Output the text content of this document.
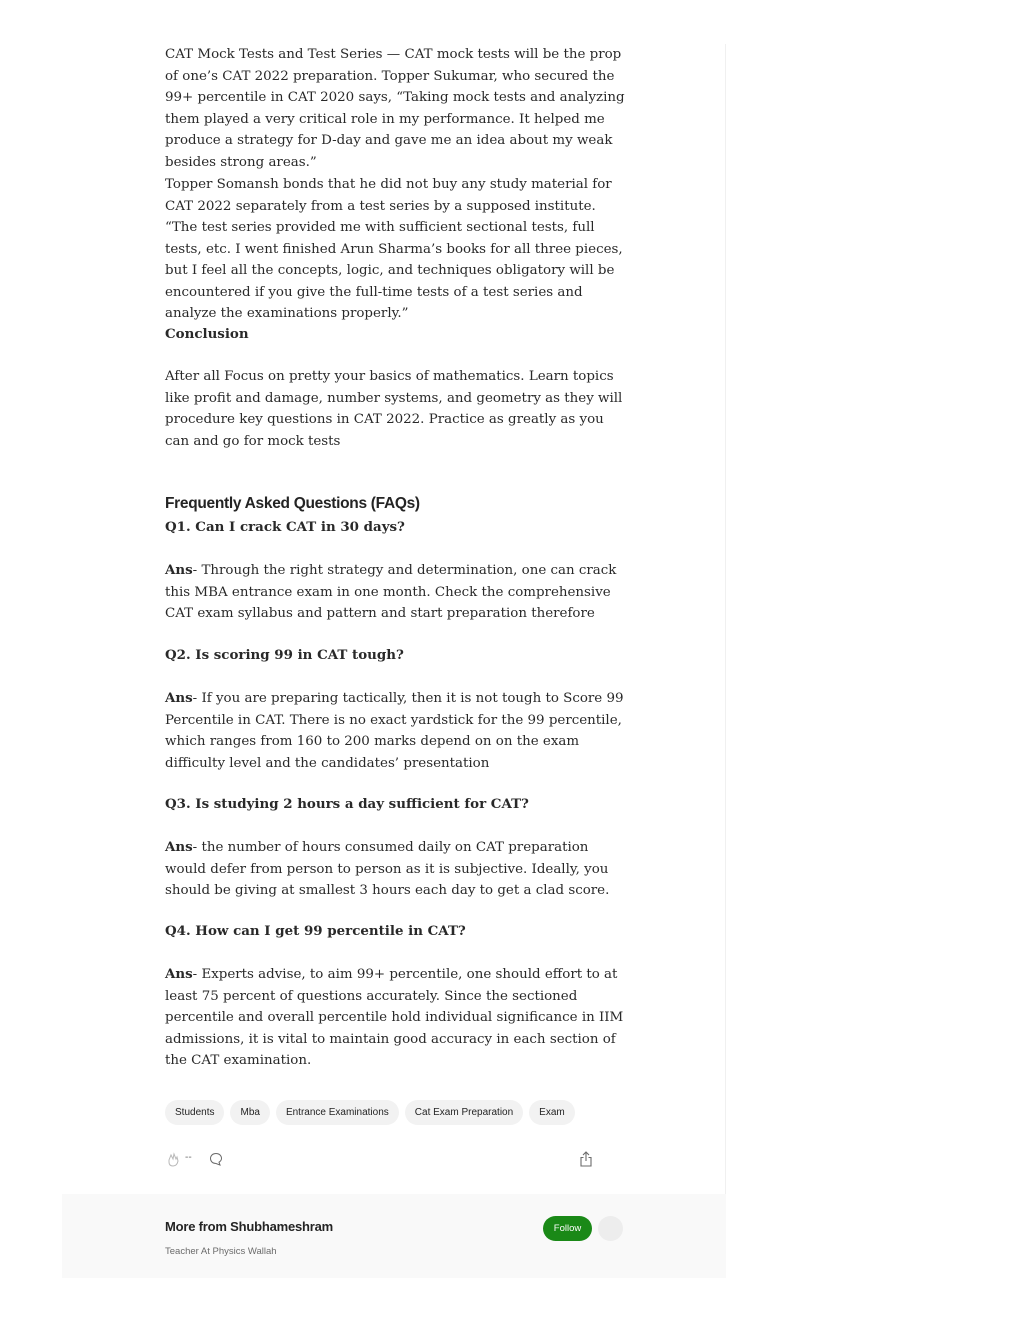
CAT Mock Tests and Test Series — CAT mock tests will be the prop of one’s CAT 2022 preparation. Topper Sukumar, who secured the 99+ percentile in CAT 2020 says, “Taking mock tests and analyzing them played a very critical role in my performance. It helped me produce a strategy for D-day and gave me an idea about my weak besides strong areas.”

Topper Somansh bonds that he did not buy any study material for CAT 2022 separately from a test series by a supposed institute. “The test series provided me with sufficient sectional tests, full tests, etc. I went finished Arun Sharma’s books for all three pieces, but I feel all the concepts, logic, and techniques obligatory will be encountered if you give the full-time tests of a test series and analyze the examinations properly.”

Conclusion

After all Focus on pretty your basics of mathematics. Learn topics like profit and damage, number systems, and geometry as they will procedure key questions in CAT 2022. Practice as greatly as you can and go for mock tests

Frequently Asked Questions (FAQs)
Q1. Can I crack CAT in 30 days?

Ans- Through the right strategy and determination, one can crack this MBA entrance exam in one month. Check the comprehensive CAT exam syllabus and pattern and start preparation therefore

Q2. Is scoring 99 in CAT tough?

Ans- If you are preparing tactically, then it is not tough to Score 99 Percentile in CAT. There is no exact yardstick for the 99 percentile, which ranges from 160 to 200 marks depend on on the exam difficulty level and the candidates’ presentation

Q3. Is studying 2 hours a day sufficient for CAT?

Ans- the number of hours consumed daily on CAT preparation would defer from person to person as it is subjective. Ideally, you should be giving at smallest 3 hours each day to get a clad score.

Q4. How can I get 99 percentile in CAT?

Ans- Experts advise, to aim 99+ percentile, one should effort to at least 75 percent of questions accurately. Since the sectioned percentile and overall percentile hold individual significance in IIM admissions, it is vital to maintain good accuracy in each section of the CAT examination.

Students	Mba	Entrance Examinations	Cat Exam Preparation	Exam
--
More from Shubhameshram
Teacher At Physics Wallah
Follow
